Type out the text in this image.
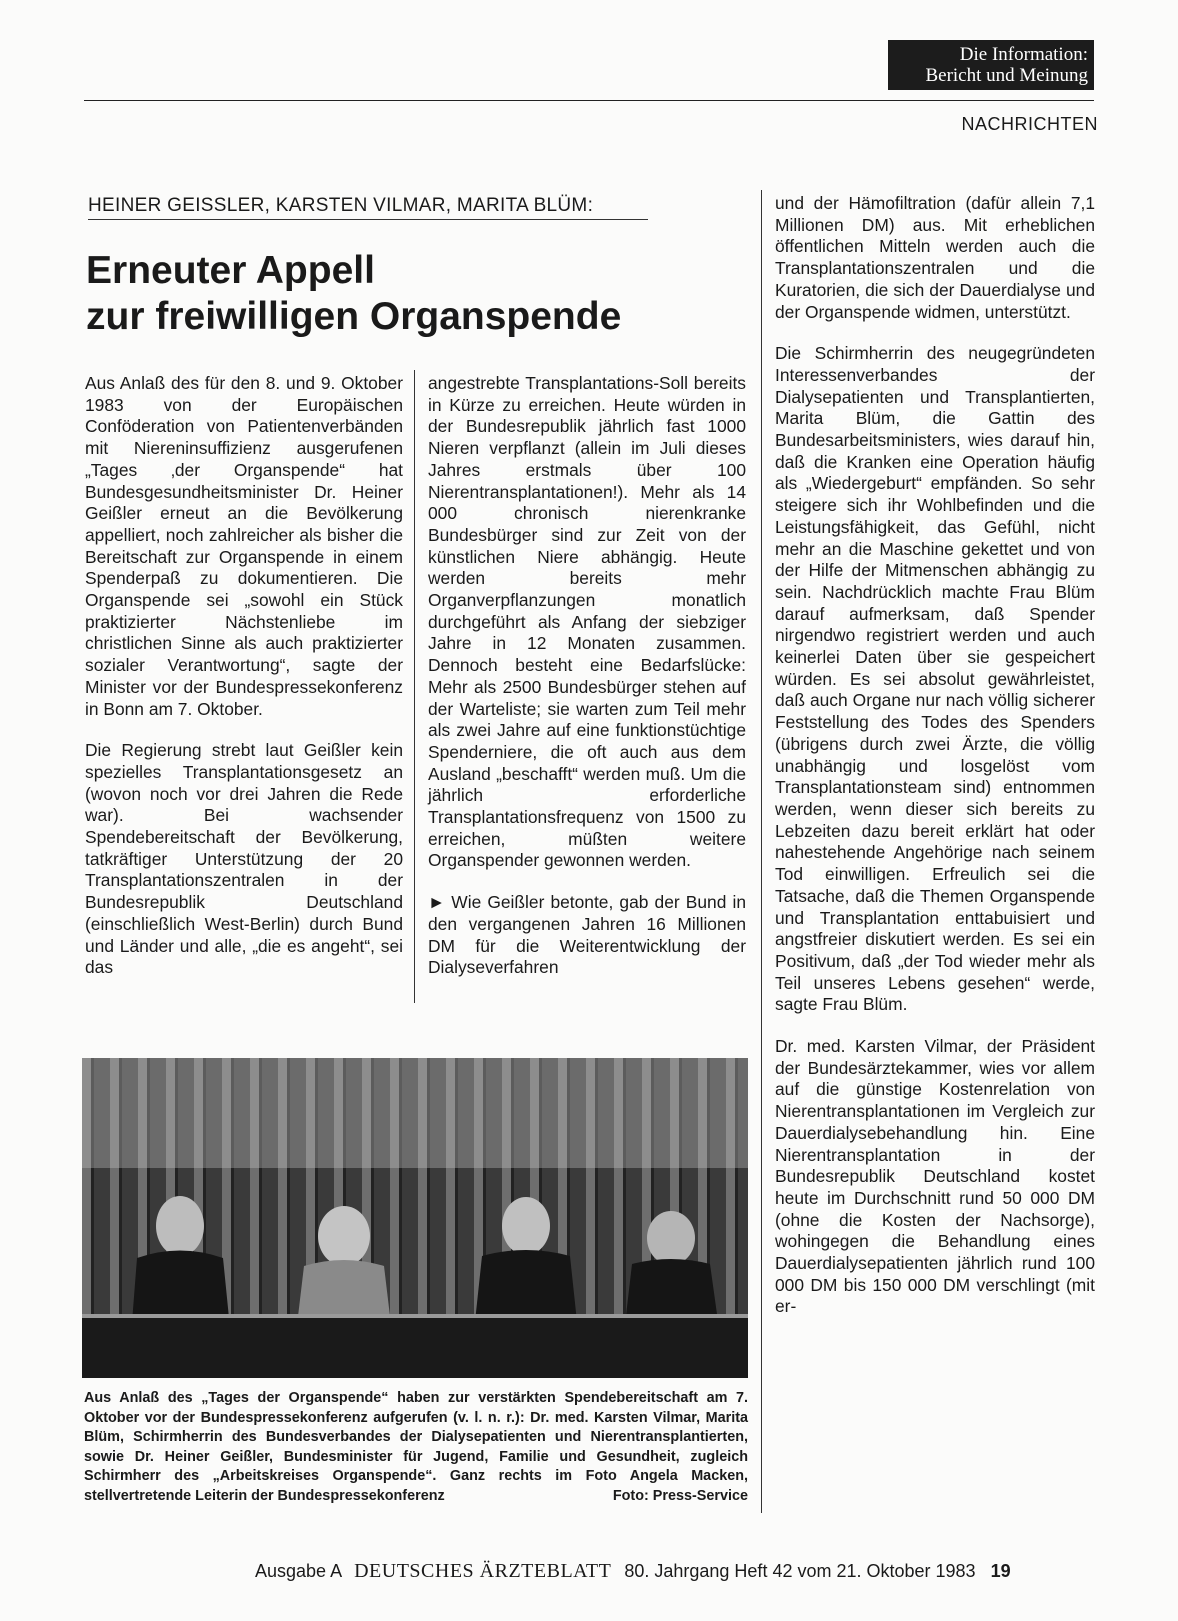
Die Information:
Bericht und Meinung
NACHRICHTEN
HEINER GEISSLER, KARSTEN VILMAR, MARITA BLÜM:
Erneuter Appell
zur freiwilligen Organspende

Aus Anlaß des für den 8. und 9. Oktober 1983 von der Europäischen Conföderation von Patientenverbänden mit Niereninsuffizienz ausgerufenen „Tages ‚der Organspende“ hat Bundesgesundheitsminister Dr. Heiner Geißler erneut an die Bevölkerung appelliert, noch zahlreicher als bisher die Bereitschaft zur Organspende in einem Spenderpaß zu dokumentieren. Die Organspende sei „sowohl ein Stück praktizierter Nächstenliebe im christlichen Sinne als auch praktizierter sozialer Verantwortung“, sagte der Minister vor der Bundespressekonferenz in Bonn am 7. Oktober.

Die Regierung strebt laut Geißler kein spezielles Transplantationsgesetz an (wovon noch vor drei Jahren die Rede war). Bei wachsender Spendebereitschaft der Bevölkerung, tatkräftiger Unterstützung der 20 Transplantationszentralen in der Bundesrepublik Deutschland (einschließlich West-Berlin) durch Bund und Länder und alle, „die es angeht“, sei das

angestrebte Transplantations-Soll bereits in Kürze zu erreichen. Heute würden in der Bundesrepublik jährlich fast 1000 Nieren verpflanzt (allein im Juli dieses Jahres erstmals über 100 Nierentransplantationen!). Mehr als 14 000 chronisch nierenkranke Bundesbürger sind zur Zeit von der künstlichen Niere abhängig. Heute werden bereits mehr Organverpflanzungen monatlich durchgeführt als Anfang der siebziger Jahre in 12 Monaten zusammen. Dennoch besteht eine Bedarfslücke: Mehr als 2500 Bundesbürger stehen auf der Warteliste; sie warten zum Teil mehr als zwei Jahre auf eine funktionstüchtige Spenderniere, die oft auch aus dem Ausland „beschafft“ werden muß. Um die jährlich erforderliche Transplantationsfrequenz von 1500 zu erreichen, müßten weitere Organspender gewonnen werden.

► Wie Geißler betonte, gab der Bund in den vergangenen Jahren 16 Millionen DM für die Weiterentwicklung der Dialyseverfahren

und der Hämofiltration (dafür allein 7,1 Millionen DM) aus. Mit erheblichen öffentlichen Mitteln werden auch die Transplantationszentralen und die Kuratorien, die sich der Dauerdialyse und der Organspende widmen, unterstützt.

Die Schirmherrin des neugegründeten Interessenverbandes der Dialysepatienten und Transplantierten, Marita Blüm, die Gattin des Bundesarbeitsministers, wies darauf hin, daß die Kranken eine Operation häufig als „Wiedergeburt“ empfänden. So sehr steigere sich ihr Wohlbefinden und die Leistungsfähigkeit, das Gefühl, nicht mehr an die Maschine gekettet und von der Hilfe der Mitmenschen abhängig zu sein. Nachdrücklich machte Frau Blüm darauf aufmerksam, daß Spender nirgendwo registriert werden und auch keinerlei Daten über sie gespeichert würden. Es sei absolut gewährleistet, daß auch Organe nur nach völlig sicherer Feststellung des Todes des Spenders (übrigens durch zwei Ärzte, die völlig unabhängig und losgelöst vom Transplantationsteam sind) entnommen werden, wenn dieser sich bereits zu Lebzeiten dazu bereit erklärt hat oder nahestehende Angehörige nach seinem Tod einwilligen. Erfreulich sei die Tatsache, daß die Themen Organspende und Transplantation enttabuisiert und angstfreier diskutiert werden. Es sei ein Positivum, daß „der Tod wieder mehr als Teil unseres Lebens gesehen“ werde, sagte Frau Blüm.

Dr. med. Karsten Vilmar, der Präsident der Bundesärztekammer, wies vor allem auf die günstige Kostenrelation von Nierentransplantationen im Vergleich zur Dauerdialysebehandlung hin. Eine Nierentransplantation in der Bundesrepublik Deutschland kostet heute im Durchschnitt rund 50 000 DM (ohne die Kosten der Nachsorge), wohingegen die Behandlung eines Dauerdialysepatienten jährlich rund 100 000 DM bis 150 000 DM verschlingt (mit er-

Aus Anlaß des „Tages der Organspende“ haben zur verstärkten Spendebereitschaft am 7. Oktober vor der Bundespressekonferenz aufgerufen (v. l. n. r.): Dr. med. Karsten Vilmar, Marita Blüm, Schirmherrin des Bundesverbandes der Dialysepatienten und Nierentransplantierten, sowie Dr. Heiner Geißler, Bundesminister für Jugend, Familie und Gesundheit, zugleich Schirmherr des „Arbeitskreises Organspende“. Ganz rechts im Foto Angela Macken, stellvertretende Leiterin der Bundespressekonferenz	Foto: Press-Service
Ausgabe A DEUTSCHES ÄRZTEBLATT 80. Jahrgang Heft 42 vom 21. Oktober 1983 19
